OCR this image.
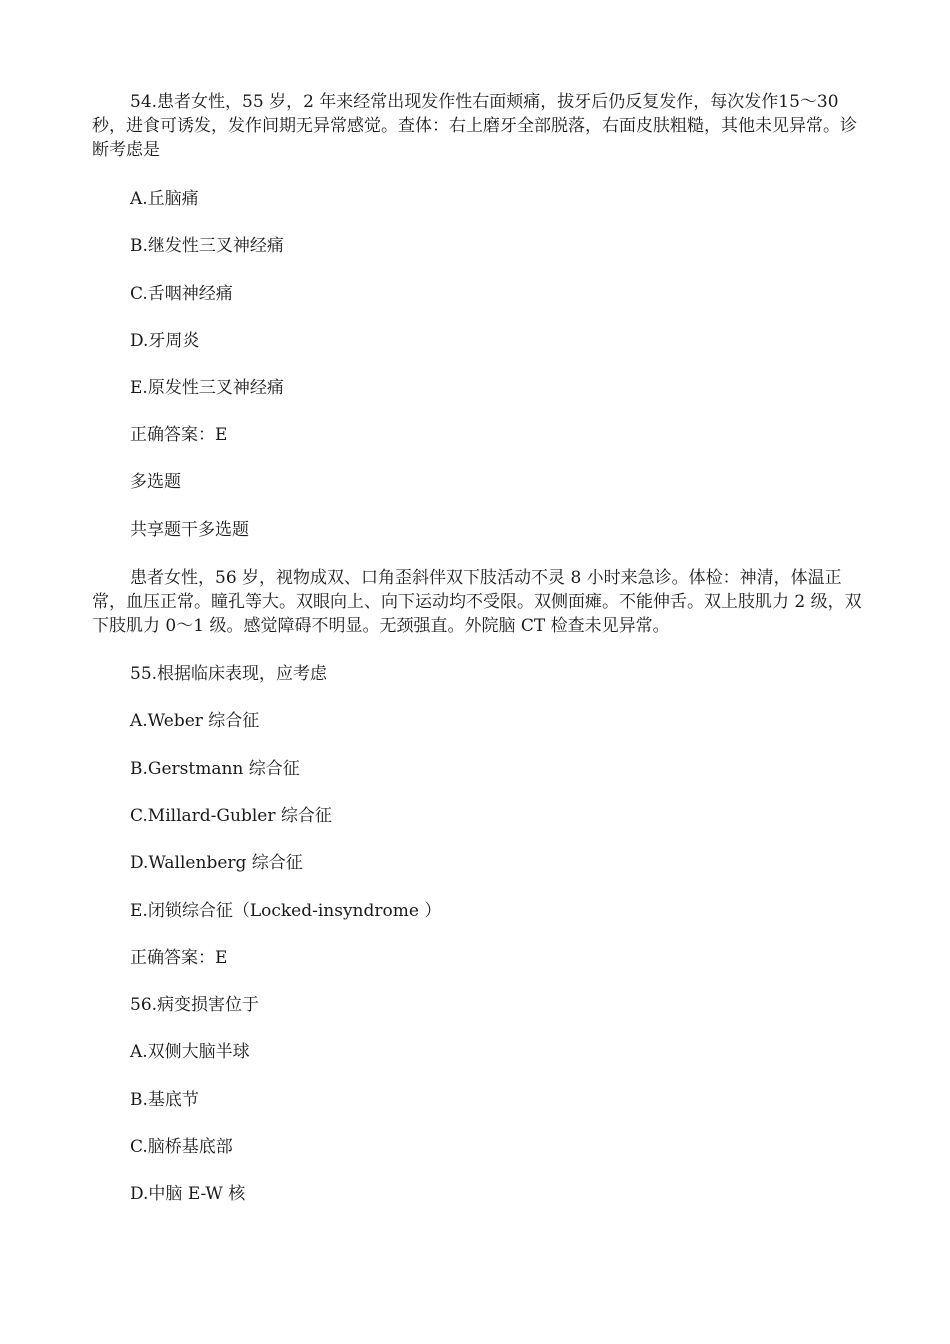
54.患者女性，55 岁，2 年来经常出现发作性右面颊痛，拔牙后仍反复发作，每次发作15～30 秒，进食可诱发，发作间期无异常感觉。查体：右上磨牙全部脱落，右面皮肤粗糙，其他未见异常。诊断考虑是

A.丘脑痛

B.继发性三叉神经痛

C.舌咽神经痛

D.牙周炎

E.原发性三叉神经痛

正确答案：E

多选题

共享题干多选题

患者女性，56 岁，视物成双、口角歪斜伴双下肢活动不灵 8 小时来急诊。体检：神清，体温正常，血压正常。瞳孔等大。双眼向上、向下运动均不受限。双侧面瘫。不能伸舌。双上肢肌力 2 级，双下肢肌力 0～1 级。感觉障碍不明显。无颈强直。外院脑 CT 检查未见异常。

55.根据临床表现，应考虑

A.Weber 综合征

B.Gerstmann 综合征

C.Millard-Gubler 综合征

D.Wallenberg 综合征

E.闭锁综合征（Locked-insyndrome ）

正确答案：E

56.病变损害位于

A.双侧大脑半球

B.基底节

C.脑桥基底部

D.中脑 E-W 核
